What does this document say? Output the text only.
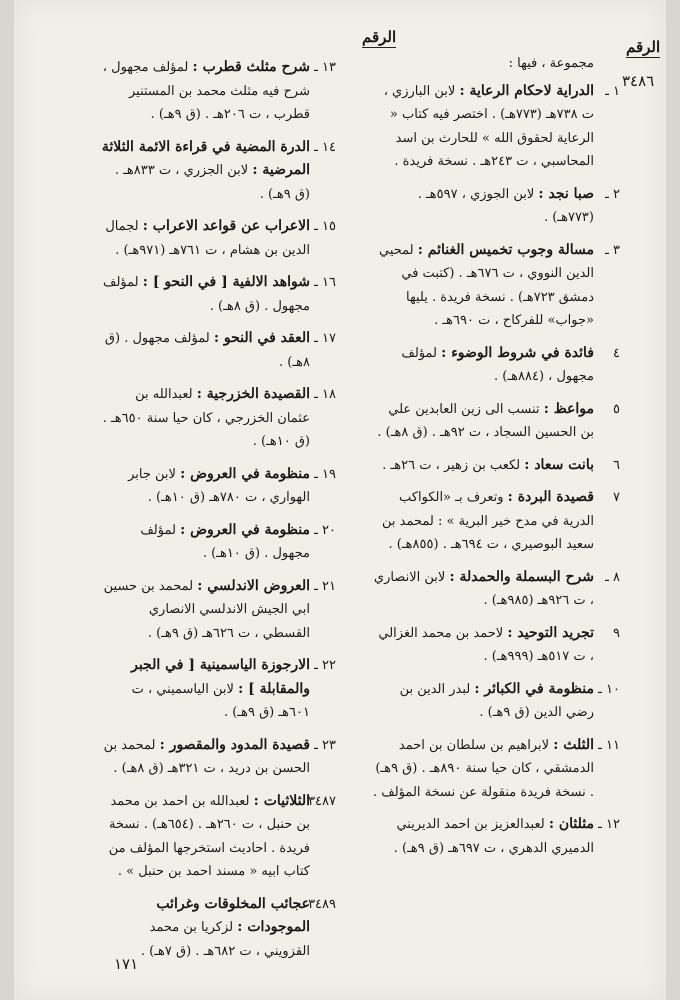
الرقم
الرقم
٣٤٨٦
مجموعة ، فيها :
١ ـ
الدراية لاحكام الرعاية : لابن البارزي ، ت ٧٣٨هـ (٧٧٣هـ) . اختصر فيه كتاب « الرعاية لحقوق الله » للحارث بن اسد المحاسبي ، ت ٢٤٣هـ . نسخة فريدة .
٢ ـ
صبا نجد : لابن الجوزي ، ٥٩٧هـ . (٧٧٣هـ) .
٣ ـ
مسالة وجوب تخميس الغنائم : لمحيي الدين النووي ، ت ٦٧٦هـ . (كتبت في دمشق ٧٢٣هـ) . نسخة فريدة . يليها «جواب» للفركاح ، ت ٦٩٠هـ .
٤
فائدة في شروط الوضوء : لمؤلف مجهول ، (٨٨٤هـ) .
٥
مواعظ : تنسب الى زين العابدين علي بن الحسين السجاد ، ت ٩٢هـ . (ق ٨هـ) .
٦
بانت سعاد : لكعب بن زهير ، ت ٢٦هـ .
٧
قصيدة البردة : وتعرف بـ «الكواكب الدرية في مدح خير البرية » : لمحمد بن سعيد البوصيري ، ت ٦٩٤هـ . (٨٥٥هـ) .
٨ ـ
شرح البسملة والحمدلة : لابن الانصاري ، ت ٩٢٦هـ (٩٨٥هـ) .
٩
تجريد التوحيد : لاحمد بن محمد الغزالي ، ت ٥١٧هـ (٩٩٩هـ) .
١٠ ـ
منظومة في الكبائر : لبدر الدين بن رضي الدين (ق ٩هـ) .
١١ ـ
الثلث : لابراهيم بن سلطان بن احمد الدمشقي ، كان حيا سنة ٨٩٠هـ . (ق ٩هـ) . نسخة فريدة منقولة عن نسخة المؤلف .
١٢ ـ
مثلثان : لعبدالعزيز بن احمد الديريني الدميري الدهري ، ت ٦٩٧هـ (ق ٩هـ) .
١٣ ـ
شرح مثلث قطرب : لمؤلف مجهول ، شرح فيه مثلث محمد بن المستنير قطرب ، ت ٢٠٦هـ . (ق ٩هـ) .
١٤ ـ
الدرة المضية في قراءة الائمة الثلاثة المرضية : لابن الجزري ، ت ٨٣٣هـ . (ق ٩هـ) .
١٥ ـ
الاعراب عن قواعد الاعراب : لجمال الدين بن هشام ، ت ٧٦١هـ (٩٧١هـ) .
١٦ ـ
شواهد الالفية [ في النحو ] : لمؤلف مجهول . (ق ٨هـ) .
١٧ ـ
العقد في النحو : لمؤلف مجهول . (ق ٨هـ) .
١٨ ـ
القصيدة الخزرجية : لعبدالله بن عثمان الخزرجي ، كان حيا سنة ٦٥٠هـ . (ق ١٠هـ) .
١٩ ـ
منظومة في العروض : لابن جابر الهواري ، ت ٧٨٠هـ (ق ١٠هـ) .
٢٠ ـ
منظومة في العروض : لمؤلف مجهول . (ق ١٠هـ) .
٢١ ـ
العروض الاندلسي : لمحمد بن حسين ابي الجيش الاندلسي الانصاري القسطي ، ت ٦٢٦هـ (ق ٩هـ) .
٢٢ ـ
الارجوزة الياسمينية [ في الجبر والمقابلة ] : لابن الياسميني ، ت ٦٠١هـ (ق ٩هـ) .
٢٣ ـ
قصيدة المدود والمقصور : لمحمد بن الحسن بن دريد ، ت ٣٢١هـ (ق ٨هـ) .
٣٤٨٧
الثلاثيات : لعبدالله بن احمد بن محمد بن حنبل ، ت ٢٦٠هـ . (٦٥٤هـ) . نسخة فريدة . احاديث استخرجها المؤلف من كتاب ابيه « مسند احمد بن حنبل » .
٣٤٨٩
عجائب المخلوقات وغرائب الموجودات : لزكريا بن محمد القزويني ، ت ٦٨٢هـ . (ق ٧هـ) .
١٧١
